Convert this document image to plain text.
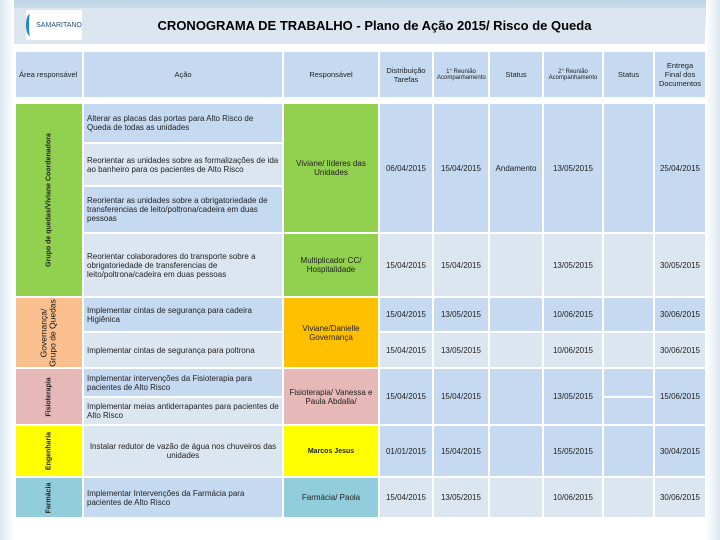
SAMARITANO	CRONOGRAMA DE TRABALHO - Plano de Ação 2015/ Risco de Queda
Área responsável	Ação	Responsável	Distribuição Tarefas	1° Reunião Acompanhamento	Status	2° Reunião Acompanhamento	Status	Entrega Final dos Documentos

Grupo de quedas/Viviane Coordenadora	Alterar as placas das portas para Alto Risco de Queda de todas as unidades	Viviane/ líderes das Unidades	06/04/2015	15/04/2015	Andamento	13/05/2015		25/04/2015
	Reorientar as unidades sobre as formalizações de ida ao banheiro para os pacientes de Alto Risco							
	Reorientar as unidades sobre a obrigatoriedade de transferencias de leito/poltrona/cadeira em duas pessoas							
	Reorientar colaboradores do transporte sobre a obrigatoriedade de transferencias de leito/poltrona/cadeira em duas pessoas	Multiplicador CC/ Hospitalidade	15/04/2015	15/04/2015		13/05/2015		30/05/2015

Governança/ Grupo de Quedas	Implementar cintas de segurança para cadeira Higiênica	Viviane/Danielle Governança	15/04/2015	13/05/2015		10/06/2015		30/06/2015
	Implementar cintas de segurança para poltrona		15/04/2015	13/05/2015		10/06/2015		30/06/2015

Fisioterapia	Implementar intervenções da Fisioterapia para pacientes de Alto Risco	Fisioterapia/ Vanessa e Paula Abdalla/	15/04/2015	15/04/2015		13/05/2015		15/06/2015
	Implementar meias antiderrapantes para pacientes de Alto Risco							

Engenharia	Instalar redutor de vazão de água nos chuveiros das unidades	Marcos Jesus	01/01/2015	15/04/2015		15/05/2015		30/04/2015

Farmácia	Implementar Intervenções da Farmácia para pacientes de Alto Risco	Farmácia/ Paola	15/04/2015	13/05/2015		10/06/2015		30/06/2015
